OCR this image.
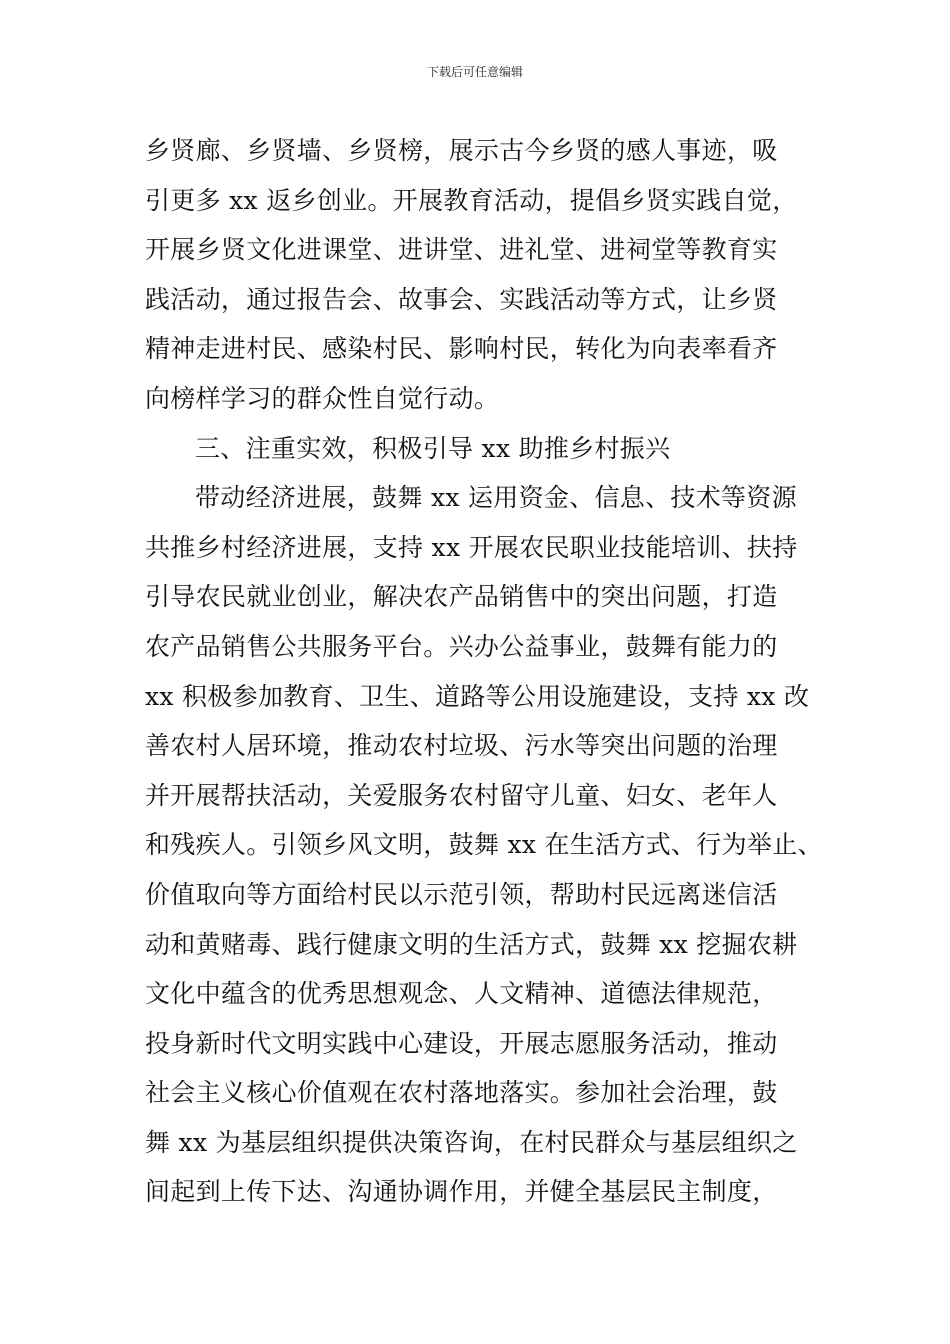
下载后可任意编辑
乡贤廊、乡贤墙、乡贤榜，展示古今乡贤的感人事迹，吸
引更多 xx 返乡创业。开展教育活动，提倡乡贤实践自觉，
开展乡贤文化进课堂、进讲堂、进礼堂、进祠堂等教育实
践活动，通过报告会、故事会、实践活动等方式，让乡贤
精神走进村民、感染村民、影响村民，转化为向表率看齐
向榜样学习的群众性自觉行动。
三、注重实效，积极引导 xx 助推乡村振兴
带动经济进展，鼓舞 xx 运用资金、信息、技术等资源
共推乡村经济进展，支持 xx 开展农民职业技能培训、扶持
引导农民就业创业，解决农产品销售中的突出问题，打造
农产品销售公共服务平台。兴办公益事业，鼓舞有能力的
xx 积极参加教育、卫生、道路等公用设施建设，支持 xx 改
善农村人居环境，推动农村垃圾、污水等突出问题的治理
并开展帮扶活动，关爱服务农村留守儿童、妇女、老年人
和残疾人。引领乡风文明，鼓舞 xx 在生活方式、行为举止、
价值取向等方面给村民以示范引领，帮助村民远离迷信活
动和黄赌毒、践行健康文明的生活方式，鼓舞 xx 挖掘农耕
文化中蕴含的优秀思想观念、人文精神、道德法律规范，
投身新时代文明实践中心建设，开展志愿服务活动，推动
社会主义核心价值观在农村落地落实。参加社会治理，鼓
舞 xx 为基层组织提供决策咨询，在村民群众与基层组织之
间起到上传下达、沟通协调作用，并健全基层民主制度，
